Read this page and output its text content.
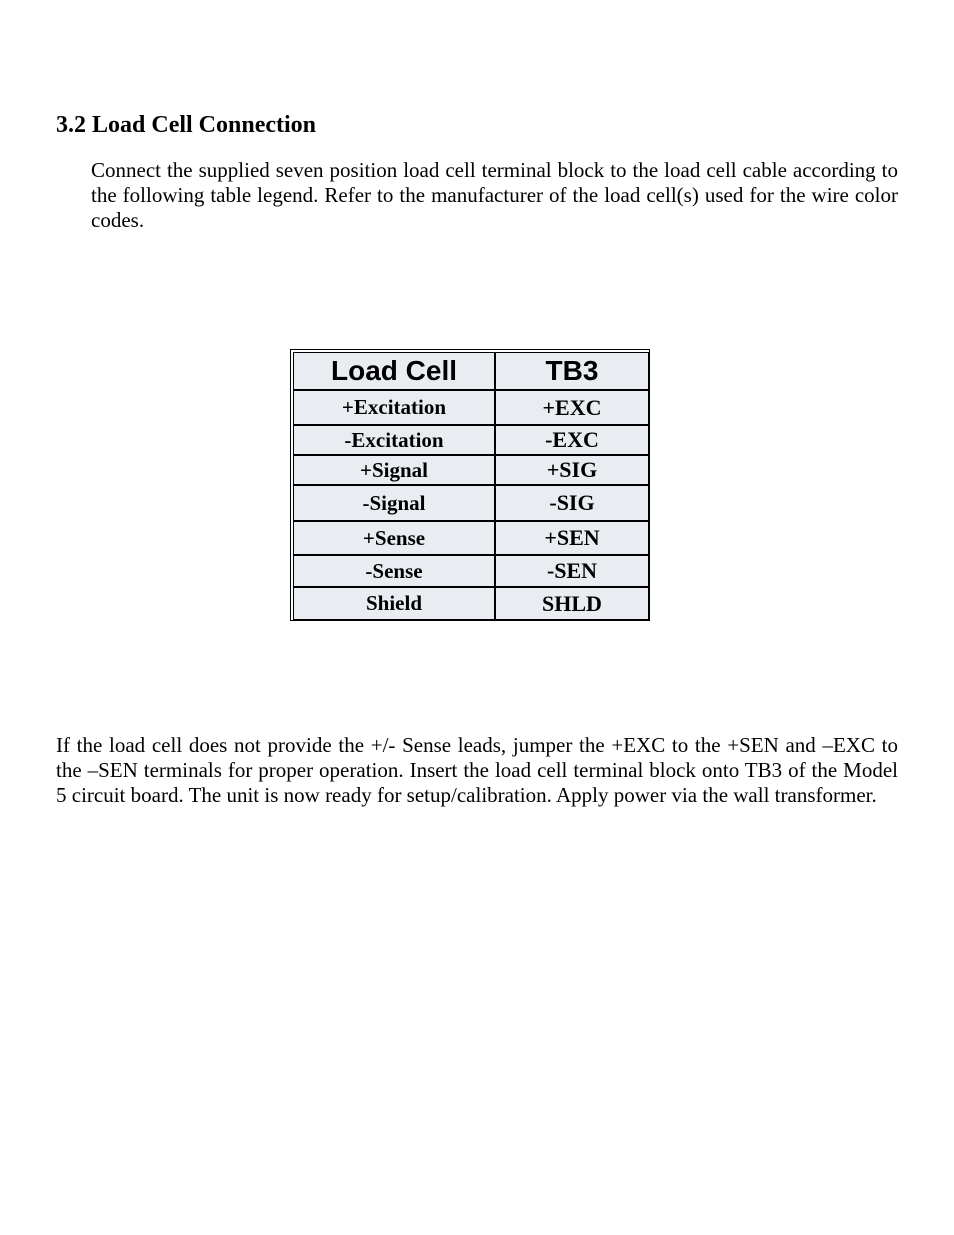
3.2 Load Cell Connection

Connect the supplied seven position load cell terminal block to the load cell cable according to the following table legend. Refer to the manufacturer of the load cell(s) used for the wire color codes.

Load Cell	TB3
+Excitation	+EXC
-Excitation	-EXC
+Signal	+SIG
-Signal	-SIG
+Sense	+SEN
-Sense	-SEN
Shield	SHLD

If the load cell does not provide the +/- Sense leads, jumper the +EXC to the +SEN and –EXC to the –SEN terminals for proper operation. Insert the load cell terminal block onto TB3 of the Model 5 circuit board. The unit is now ready for setup/calibration. Apply power via the wall transformer.
